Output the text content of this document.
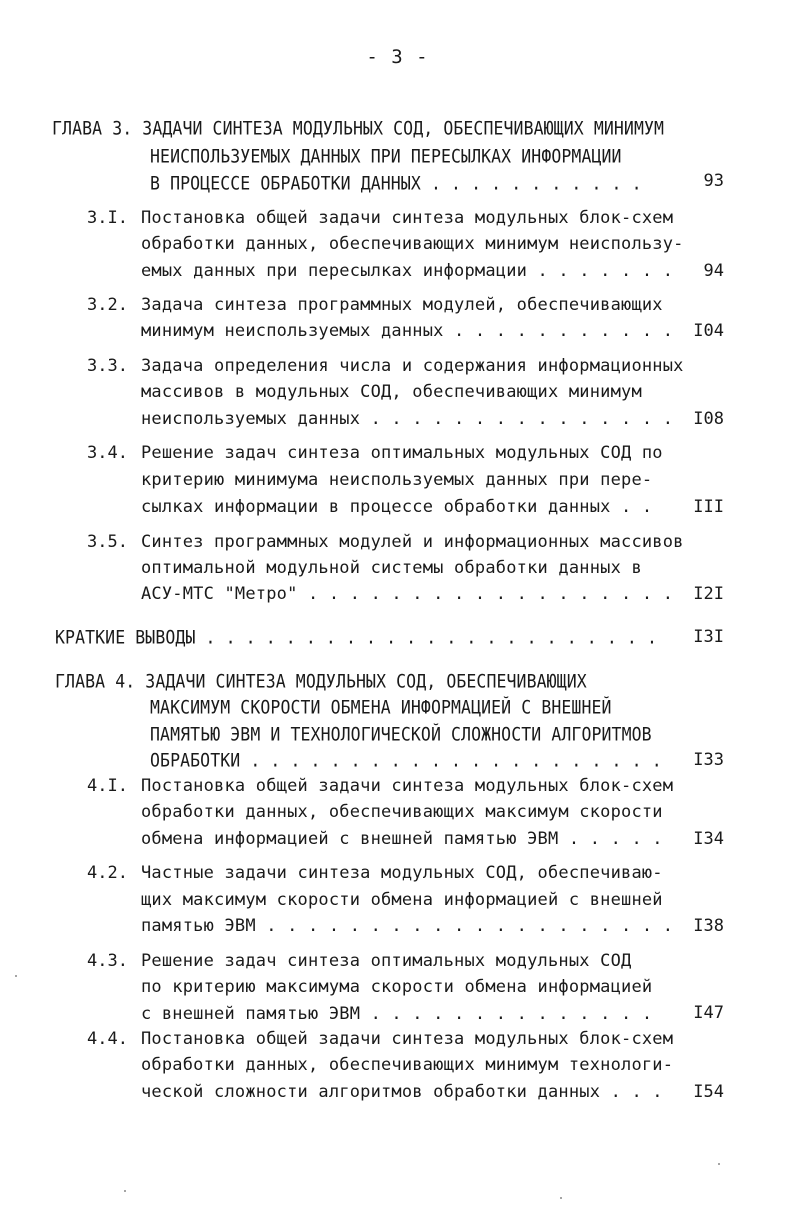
- 3 -
ГЛАВА 3. ЗАДАЧИ СИНТЕЗА МОДУЛЬНЫХ СОД, ОБЕСПЕЧИВАЮЩИХ МИНИМУМ
НЕИСПОЛЬЗУЕМЫХ ДАННЫХ ПРИ ПЕРЕСЫЛКАХ ИНФОРМАЦИИ
В ПРОЦЕССЕ ОБРАБОТКИ ДАННЫХ . . . . . . . . . . .	93
3.I. Постановка общей задачи синтеза модульных блок-схем
обработки данных, обеспечивающих минимум неиспользу-
емых данных при пересылках информации . . . . . . .	94
3.2. Задача синтеза программных модулей, обеспечивающих
минимум неиспользуемых данных . . . . . . . . . . .	I04
3.3. Задача определения числа и содержания информационных
массивов в модульных СОД, обеспечивающих минимум
неиспользуемых данных . . . . . . . . . . . . . . .	I08
3.4. Решение задач синтеза оптимальных модульных СОД по
критерию минимума неиспользуемых данных при пере-
сылках информации в процессе обработки данных . .	III
3.5. Синтез программных модулей и информационных массивов
оптимальной модульной системы обработки данных в
АСУ-МТС "Метро" . . . . . . . . . . . . . . . . . .	I2I
КРАТКИЕ ВЫВОДЫ . . . . . . . . . . . . . . . . . . . . . . .	I3I
ГЛАВА 4. ЗАДАЧИ СИНТЕЗА МОДУЛЬНЫХ СОД, ОБЕСПЕЧИВАЮЩИХ
МАКСИМУМ СКОРОСТИ ОБМЕНА ИНФОРМАЦИЕЙ С ВНЕШНЕЙ
ПАМЯТЬЮ ЭВМ И ТЕХНОЛОГИЧЕСКОЙ СЛОЖНОСТИ АЛГОРИТМОВ
ОБРАБОТКИ . . . . . . . . . . . . . . . . . . . . .	I33
4.I. Постановка общей задачи синтеза модульных блок-схем
обработки данных, обеспечивающих максимум скорости
обмена информацией с внешней памятью ЭВМ . . . . .	I34
4.2. Частные задачи синтеза модульных СОД, обеспечиваю-
щих максимум скорости обмена информацией с внешней
памятью ЭВМ . . . . . . . . . . . . . . . . . . . .	I38
4.3. Решение задач синтеза оптимальных модульных СОД
по критерию максимума скорости обмена информацией
с внешней памятью ЭВМ . . . . . . . . . . . . . .	I47
4.4. Постановка общей задачи синтеза модульных блок-схем
обработки данных, обеспечивающих минимум технологи-
ческой сложности алгоритмов обработки данных . . .	I54
